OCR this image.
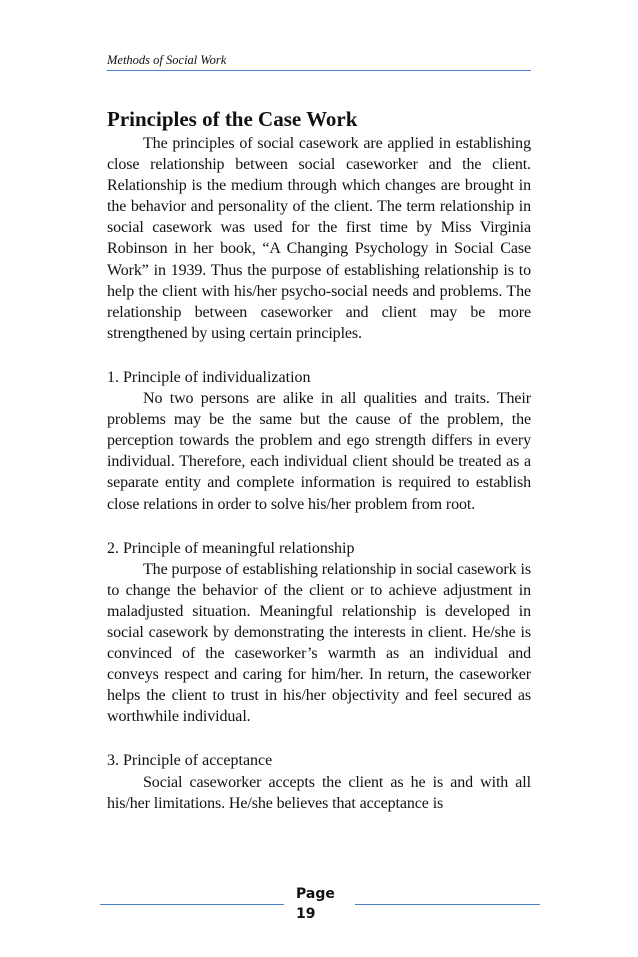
Methods of Social Work
Principles of the Case Work

The principles of social casework are applied in establishing close relationship between social caseworker and the client. Relationship is the medium through which changes are brought in the behavior and personality of the client. The term relationship in social casework was used for the first time by Miss Virginia Robinson in her book, “A Changing Psychology in Social Case Work” in 1939. Thus the purpose of establishing relationship is to help the client with his/her psycho-social needs and problems. The relationship between caseworker and client may be more strengthened by using certain principles.

1. Principle of individualization

No two persons are alike in all qualities and traits. Their problems may be the same but the cause of the problem, the perception towards the problem and ego strength differs in every individual. Therefore, each individual client should be treated as a separate entity and complete information is required to establish close relations in order to solve his/her problem from root.

2. Principle of meaningful relationship

The purpose of establishing relationship in social casework is to change the behavior of the client or to achieve adjustment in maladjusted situation. Meaningful relationship is developed in social casework by demonstrating the interests in client. He/she is convinced of the caseworker’s warmth as an individual and conveys respect and caring for him/her. In return, the caseworker helps the client to trust in his/her objectivity and feel secured as worthwhile individual.

3. Principle of acceptance

Social caseworker accepts the client as he is and with all his/her limitations. He/she believes that acceptance is

Page
19
